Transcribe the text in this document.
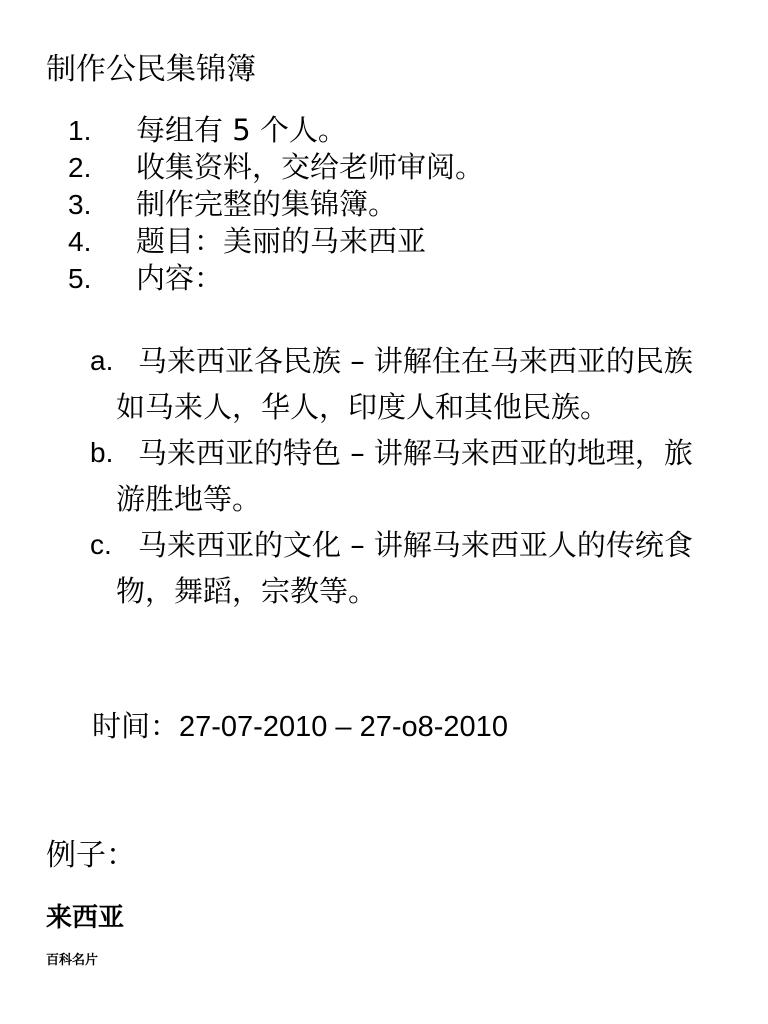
制作公民集锦簿
1.	每组有 5 个人。
2.	收集资料，交给老师审阅。
3.	制作完整的集锦簿。
4.	题目：美丽的马来西亚
5.	内容：
a. 马来西亚各民族 – 讲解住在马来西亚的民族如马来人，华人，印度人和其他民族。
b. 马来西亚的特色 – 讲解马来西亚的地理，旅游胜地等。
c. 马来西亚的文化 – 讲解马来西亚人的传统食物，舞蹈，宗教等。
时间：27-07-2010 – 27-o8-2010
例子：
来西亚
百科名片
